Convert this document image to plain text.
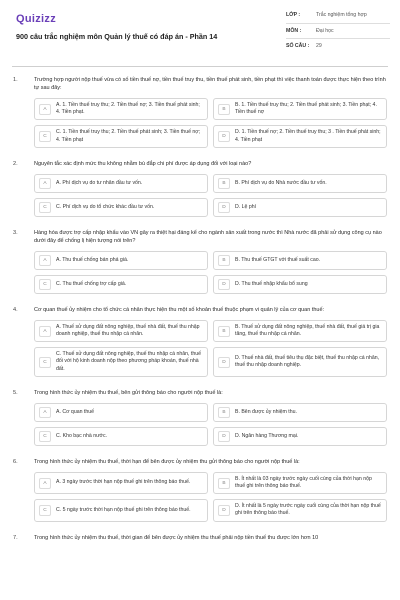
Quizizz
900 câu trắc nghiệm môn Quản lý thuế có đáp án - Phần 14
LỚP :	Trắc nghiệm tổng hợp
MÔN :	Đại học
SỐ CÂU :	29
1.	Trường hợp người nộp thuế vừa có số tiền thuế nợ, tiền thuế truy thu, tiền thuế phát sinh, tiền phạt thì việc thanh toán được thực hiện theo trình tự sau đây:
A
A. 1. Tiền thuế truy thu; 2. Tiền thuế nợ; 3. Tiền thuế phát sinh; 4. Tiền phạt.	B
B. 1. Tiền thuế truy thu; 2. Tiền thuế phát sinh; 3. Tiền phạt; 4. Tiền thuế nợ
C
C. 1. Tiền thuế truy thu; 2. Tiền thuế phát sinh; 3. Tiền thuế nợ; 4. Tiền phạt	D
D. 1. Tiền thuế nợ; 2. Tiền thuế truy thu; 3 . Tiền thuế phát sinh; 4. Tiền phạt
2.	Nguyên tắc xác định mức thu không nhằm bù đắp chi phí được áp dụng đối với loại nào?
A	A. Phí dịch vụ do tư nhân đầu tư vốn.	B	B. Phí dịch vụ do Nhà nước đầu tư vốn.
C	C. Phí dịch vụ do tổ chức khác đầu tư vốn.	D	D. Lệ phí
3.	Hàng hóa được trợ cấp nhập khẩu vào VN gây ra thiệt hại đáng kể cho ngành sản xuất trong nước thì Nhà nước đã phải sử dụng công cụ nào dưới đây để chống lị hiện tượng nói trên?
A	A. Thu thuế chống bán phá giá.	B	B. Thu thuế GTGT với thuế suất cao.
C	C. Thu thuế chống trợ cấp giá.	D	D. Thu thuế nhập khẩu bổ sung
4.	Cơ quan thuế ủy nhiệm cho tổ chức cá nhân thực hiện thu một số khoản thuế thuộc phạm vi quản lý của cơ quan thuế:
A
A. Thuế sử dụng đất nông nghiệp, thuế nhà đất, thuế thu nhập doanh nghiệp, thuế thu nhập cá nhân.	B
B. Thuế sử dụng đất nông nghiệp, thuế nhà đất, thuế giá trị gia tăng, thuế thu nhập cá nhân.
C
C. Thuế sử dụng đất nông nghiệp, thuế thu nhập cá nhân, thuế đối với hộ kinh doanh nộp theo phương pháp khoán, thuế nhà đất.
D
D. Thuế nhà đất, thuế tiêu thụ đặc biệt, thuế thu nhập cá nhân, thuế thu nhập doanh nghiệp.
5.	Trong hình thức ủy nhiệm thu thuế, bên gửi thông báo cho người nộp thuế là:
A	A. Cơ quan thuế	B	B. Bên được ủy nhiệm thu.
C	C. Kho bạc nhà nước.	D	D. Ngân hàng Thương mại.
6.	Trong hình thức ủy nhiệm thu thuế, thời hạn để bên được ủy nhiệm thu gửi thông báo cho người nộp thuế là:
A	A. 3 ngày trước thời hạn nộp thuế ghi trên thông báo thuế.	B
B. Ít nhất là 03 ngày trước ngày cuối cùng của thời hạn nộp thuế ghi trên thông báo thuế.
C	C. 5 ngày trước thời hạn nộp thuế ghi trên thông báo thuế.	D
D. Ít nhất là 5 ngày trước ngày cuối cùng của thời hạn nộp thuế ghi trên thông báo thuế.
7.	Trong hình thức ủy nhiệm thu thuế, thời gian để bên được ủy nhiệm thu thuế phải nộp tiền thuế thu được lớn hơn 10
